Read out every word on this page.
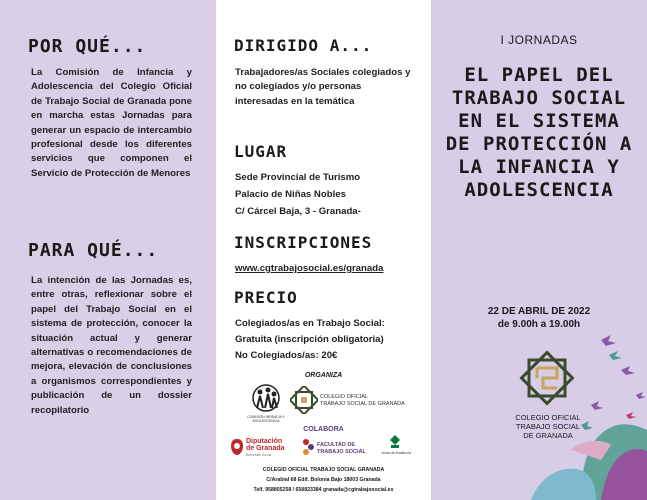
POR QUÉ...
La Comisión de Infancia y Adolescencia del Colegio Oficial de Trabajo Social de Granada pone en marcha estas Jornadas para generar un espacio de intercambio profesional desde los diferentes servicios que componen el Servicio de Protección de Menores
PARA QUÉ...
La intención de las Jornadas es, entre otras, reflexionar sobre el papel del Trabajo Social en el sistema de protección, conocer la situación actual y generar alternativas o recomendaciones de mejora, elevación de conclusiones a organismos correspondientes y publicación de un dossier recopilatorio
DIRIGIDO A...
Trabajadores/as Sociales colegiados y no colegiados y/o personas interesadas en la temática
LUGAR
Sede Provincial de Turismo
Palacio de Niñas Nobles
C/ Cárcel Baja, 3 - Granada-
INSCRIPCIONES
www.cgtrabajosocial.es/granada
PRECIO
Colegiados/as en Trabajo Social:
Gratuita (inscripción obligatoria)
No Colegiados/as: 20€
ORGANIZA
COMISIÓN INFANCIA Y ADOLESCENCIA
COLEGIO OFICIAL
TRABAJO SOCIAL DE GRANADA
COLABORA
Diputación
de Granada
Bienestar Social
FACULTAD DE
TRABAJO SOCIAL	Junta de Andalucía
COLEGIO OFICIAL TRABAJO SOCIAL GRANADA
C/Arabial 68 Edif. Bolonia Bajo 18003 Granada
Telf. 958805258 / 658823384 granada@cgtrabajosocial.es
I JORNADAS
EL PAPEL DEL TRABAJO SOCIAL EN EL SISTEMA DE PROTECCIÓN A LA INFANCIA Y ADOLESCENCIA
22 DE ABRIL DE 2022
de 9.00h a 19.00h
COLEGIO OFICIAL
TRABAJO SOCIAL
DE GRANADA
